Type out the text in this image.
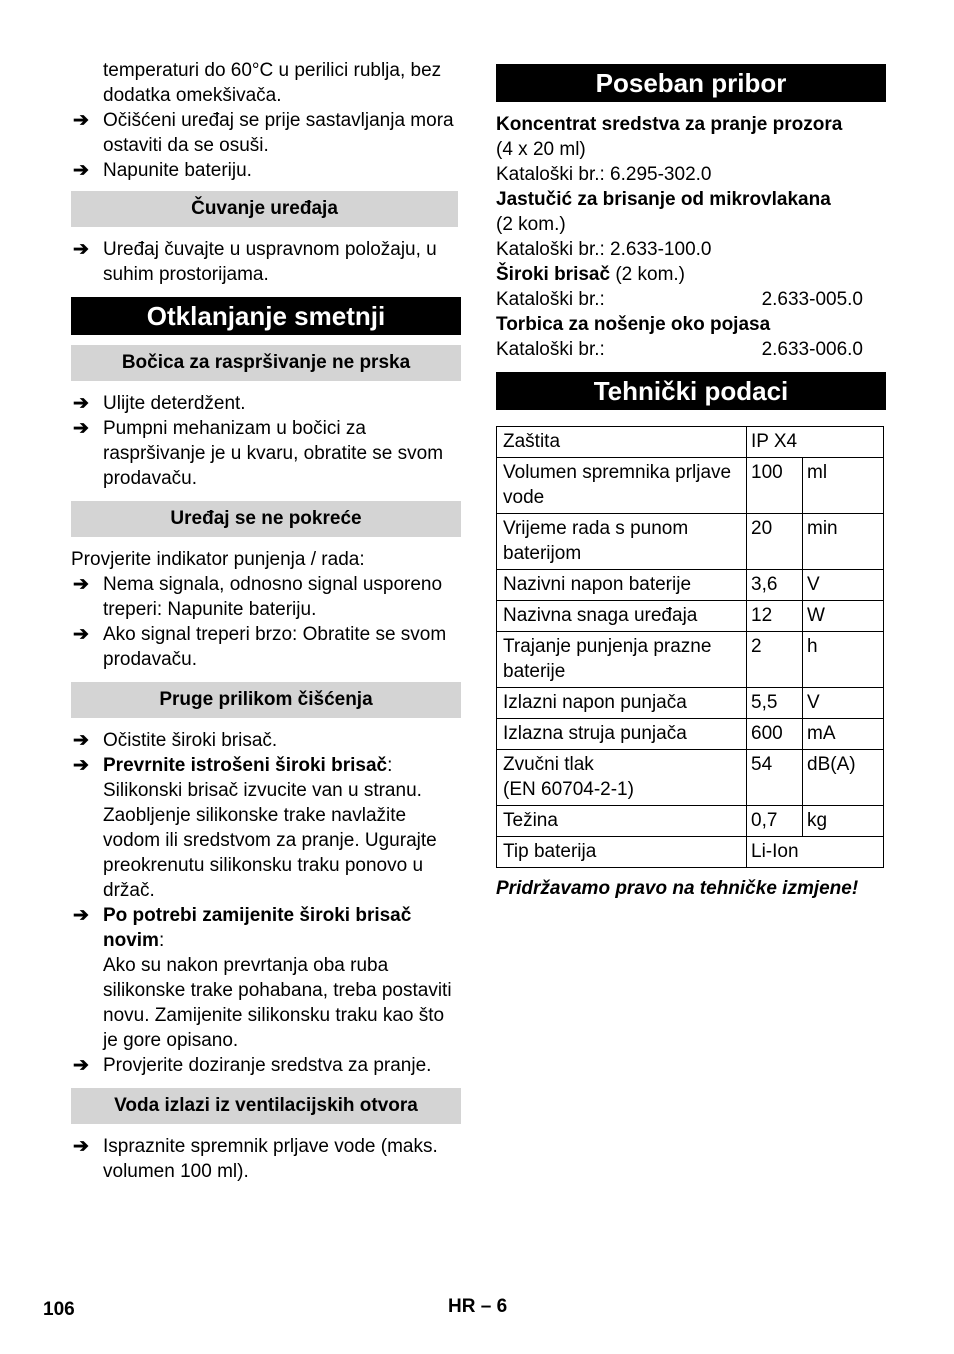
temperaturi do 60°C u perilici rublja, bez dodatka omekšivača.

➔ Očišćeni uređaj se prije sastavljanja mora ostaviti da se osuši.

➔ Napunite bateriju.

Čuvanje uređaja

➔ Uređaj čuvajte u uspravnom položaju, u suhim prostorijama.

Otklanjanje smetnji
Bočica za raspršivanje ne prska

➔ Ulijte deterdžent.

➔ Pumpni mehanizam u bočici za raspršivanje je u kvaru, obratite se svom prodavaču.

Uređaj se ne pokreće

Provjerite indikator punjenja / rada:

➔ Nema signala, odnosno signal usporeno treperi: Napunite bateriju.

➔ Ako signal treperi brzo: Obratite se svom prodavaču.

Pruge prilikom čišćenja

➔ Očistite široki brisač.

➔ Prevrnite istrošeni široki brisač:
Silikonski brisač izvucite van u stranu. Zaobljenje silikonske trake navlažite vodom ili sredstvom za pranje. Ugurajte preokrenutu silikonsku traku ponovo u držač.

➔ Po potrebi zamijenite široki brisač novim:
Ako su nakon prevrtanja oba ruba silikonske trake pohabana, treba postaviti novu. Zamijenite silikonsku traku kao što je gore opisano.

➔ Provjerite doziranje sredstva za pranje.

Voda izlazi iz ventilacijskih otvora

➔ Ispraznite spremnik prljave vode (maks. volumen 100 ml).

Poseban pribor

Koncentrat sredstva za pranje prozora

(4 x 20 ml)

Kataloški br.: 6.295-302.0

Jastučić za brisanje od mikrovlakana

(2 kom.)

Kataloški br.: 2.633-100.0

Široki brisač (2 kom.)

Kataloški br.:	2.633-005.0

Torbica za nošenje oko pojasa

Kataloški br.:	2.633-006.0

Tehnički podaci
Zaštita	IP X4	
Volumen spremnika prljave vode	100	ml
Vrijeme rada s punom baterijom	20	min
Nazivni napon baterije	3,6	V
Nazivna snaga uređaja	12	W
Trajanje punjenja prazne baterije	2	h
Izlazni napon punjača	5,5	V
Izlazna struja punjača	600	mA
Zvučni tlak
(EN 60704-2-1)	54	dB(A)
Težina	0,7	kg
Tip baterija	Li-Ion	

Pridržavamo pravo na tehničke izmjene!

106	HR – 6
